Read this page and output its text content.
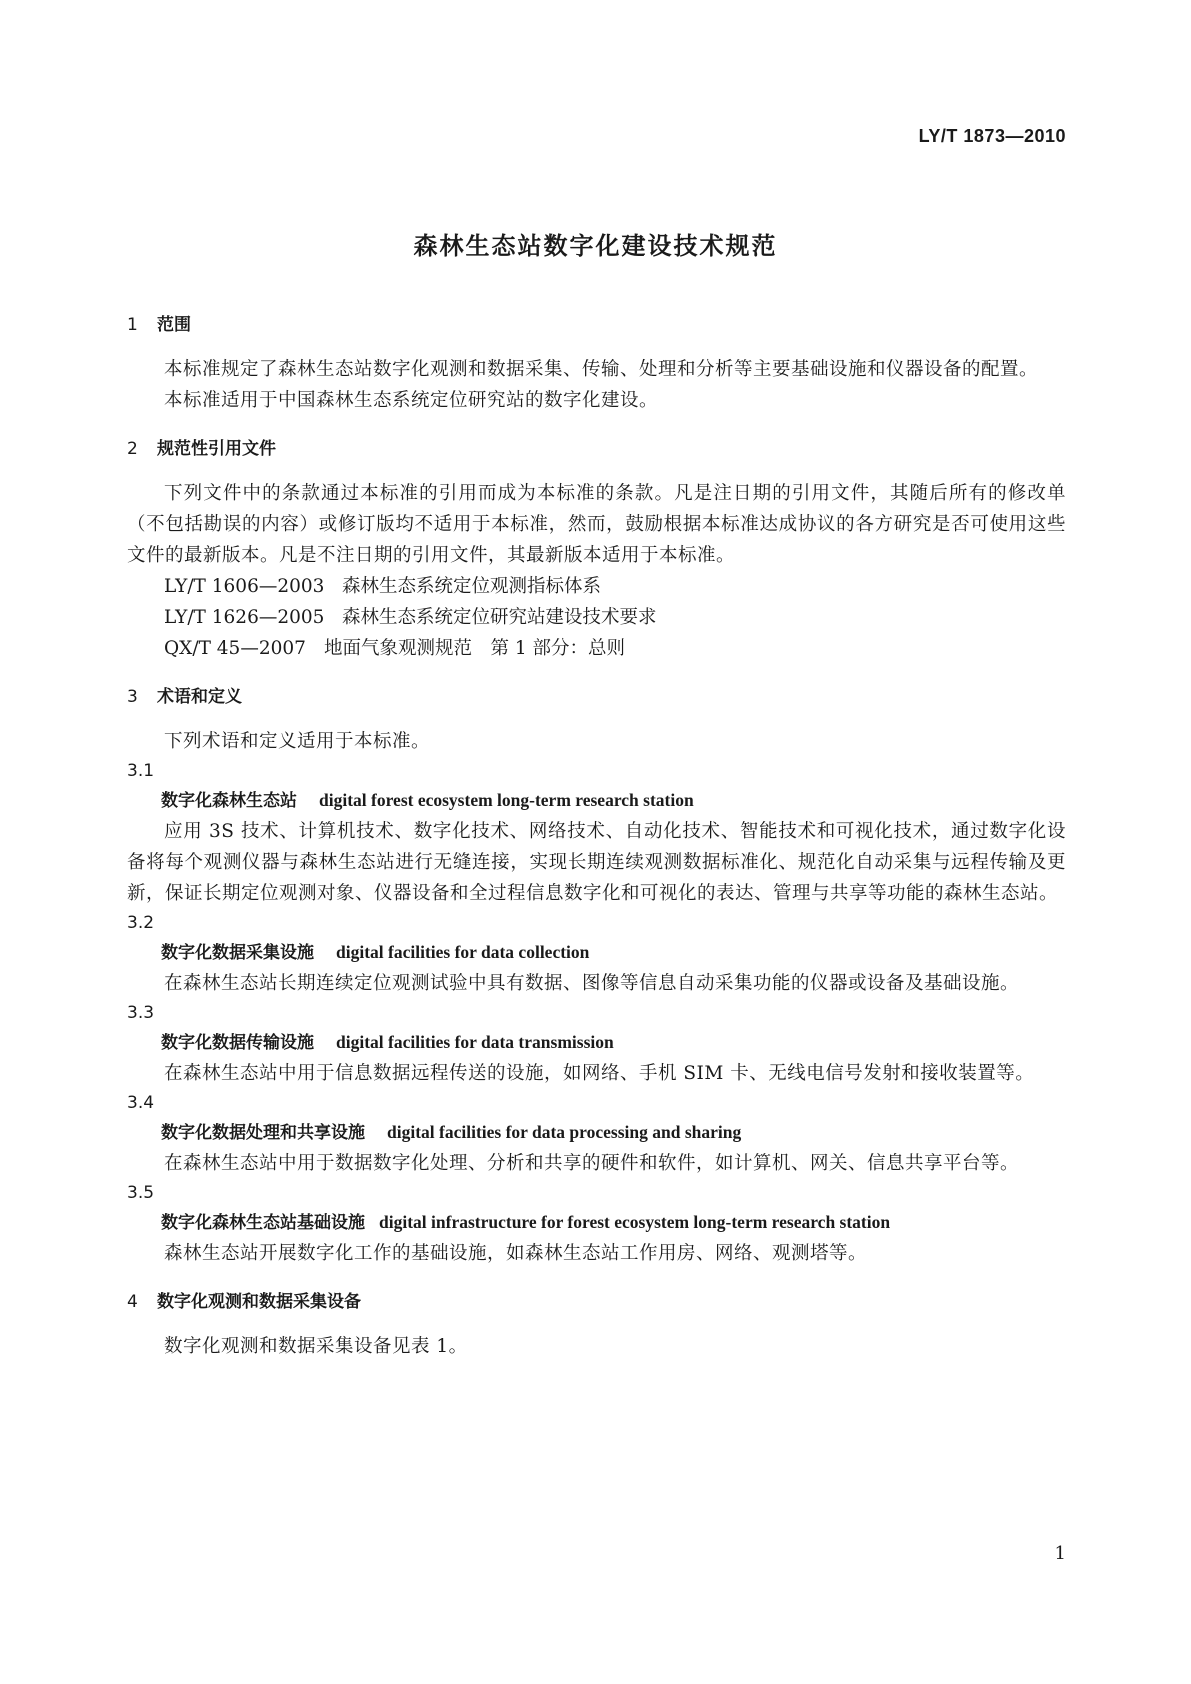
LY/T 1873—2010
森林生态站数字化建设技术规范
1 范围
本标准规定了森林生态站数字化观测和数据采集、传输、处理和分析等主要基础设施和仪器设备的配置。
本标准适用于中国森林生态系统定位研究站的数字化建设。
2 规范性引用文件
下列文件中的条款通过本标准的引用而成为本标准的条款。凡是注日期的引用文件，其随后所有的修改单（不包括勘误的内容）或修订版均不适用于本标准，然而，鼓励根据本标准达成协议的各方研究是否可使用这些文件的最新版本。凡是不注日期的引用文件，其最新版本适用于本标准。
LY/T 1606—2003 森林生态系统定位观测指标体系
LY/T 1626—2005 森林生态系统定位研究站建设技术要求
QX/T 45—2007 地面气象观测规范　第 1 部分：总则
3 术语和定义
下列术语和定义适用于本标准。
3.1
数字化森林生态站 digital forest ecosystem long-term research station
应用 3S 技术、计算机技术、数字化技术、网络技术、自动化技术、智能技术和可视化技术，通过数字化设备将每个观测仪器与森林生态站进行无缝连接，实现长期连续观测数据标准化、规范化自动采集与远程传输及更新，保证长期定位观测对象、仪器设备和全过程信息数字化和可视化的表达、管理与共享等功能的森林生态站。
3.2
数字化数据采集设施 digital facilities for data collection
在森林生态站长期连续定位观测试验中具有数据、图像等信息自动采集功能的仪器或设备及基础设施。
3.3
数字化数据传输设施 digital facilities for data transmission
在森林生态站中用于信息数据远程传送的设施，如网络、手机 SIM 卡、无线电信号发射和接收装置等。
3.4
数字化数据处理和共享设施 digital facilities for data processing and sharing
在森林生态站中用于数据数字化处理、分析和共享的硬件和软件，如计算机、网关、信息共享平台等。
3.5
数字化森林生态站基础设施 digital infrastructure for forest ecosystem long-term research station
森林生态站开展数字化工作的基础设施，如森林生态站工作用房、网络、观测塔等。
4 数字化观测和数据采集设备
数字化观测和数据采集设备见表 1。
1
